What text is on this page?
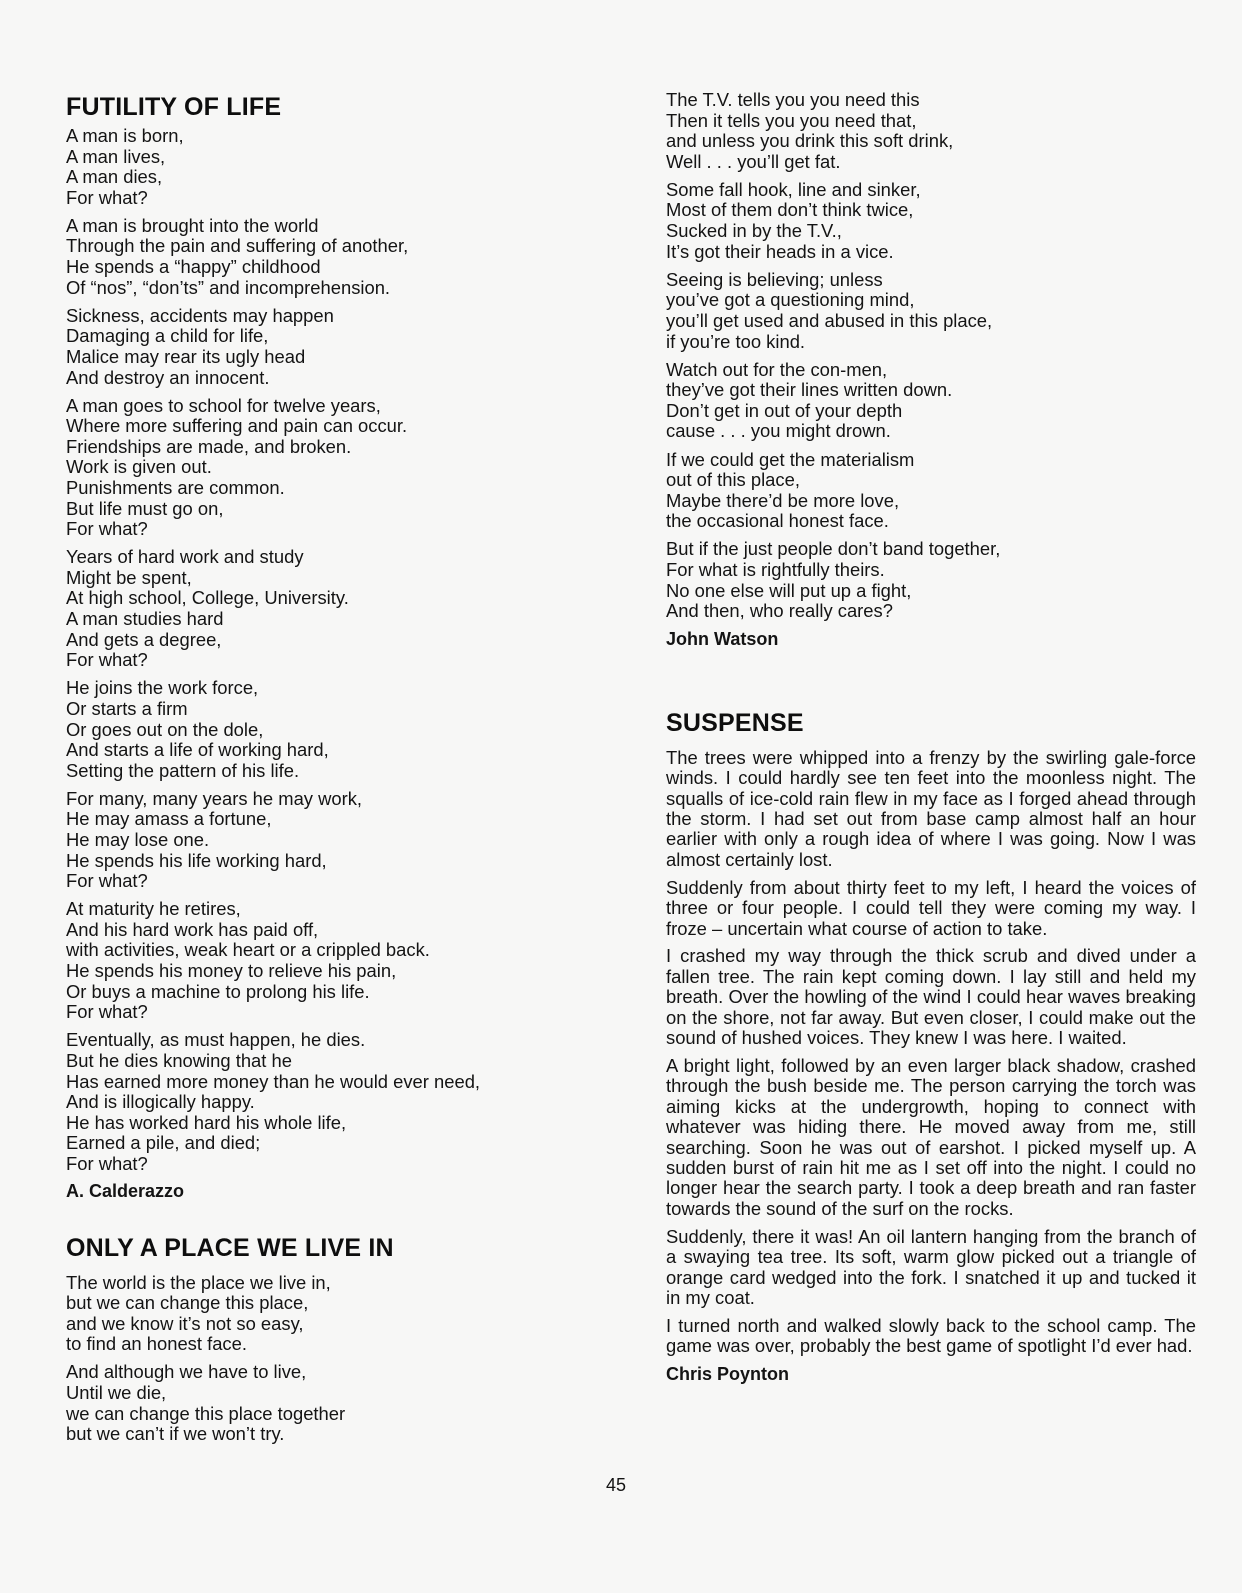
FUTILITY OF LIFE

A man is born,
A man lives,
A man dies,
For what?

A man is brought into the world
Through the pain and suffering of another,
He spends a “happy” childhood
Of “nos”, “don’ts” and incomprehension.

Sickness, accidents may happen
Damaging a child for life,
Malice may rear its ugly head
And destroy an innocent.

A man goes to school for twelve years,
Where more suffering and pain can occur.
Friendships are made, and broken.
Work is given out.
Punishments are common.
But life must go on,
For what?

Years of hard work and study
Might be spent,
At high school, College, University.
A man studies hard
And gets a degree,
For what?

He joins the work force,
Or starts a firm
Or goes out on the dole,
And starts a life of working hard,
Setting the pattern of his life.

For many, many years he may work,
He may amass a fortune,
He may lose one.
He spends his life working hard,
For what?

At maturity he retires,
And his hard work has paid off,
with activities, weak heart or a crippled back.
He spends his money to relieve his pain,
Or buys a machine to prolong his life.
For what?

Eventually, as must happen, he dies.
But he dies knowing that he
Has earned more money than he would ever need,
And is illogically happy.
He has worked hard his whole life,
Earned a pile, and died;
For what?

A. Calderazzo

ONLY A PLACE WE LIVE IN

The world is the place we live in,
but we can change this place,
and we know it’s not so easy,
to find an honest face.

And although we have to live,
Until we die,
we can change this place together
but we can’t if we won’t try.

The T.V. tells you you need this
Then it tells you you need that,
and unless you drink this soft drink,
Well . . . you’ll get fat.

Some fall hook, line and sinker,
Most of them don’t think twice,
Sucked in by the T.V.,
It’s got their heads in a vice.

Seeing is believing; unless
you’ve got a questioning mind,
you’ll get used and abused in this place,
if you’re too kind.

Watch out for the con-men,
they’ve got their lines written down.
Don’t get in out of your depth
cause . . . you might drown.

If we could get the materialism
out of this place,
Maybe there’d be more love,
the occasional honest face.

But if the just people don’t band together,
For what is rightfully theirs.
No one else will put up a fight,
And then, who really cares?

John Watson

SUSPENSE

The trees were whipped into a frenzy by the swirling gale-force winds. I could hardly see ten feet into the moonless night. The squalls of ice-cold rain flew in my face as I forged ahead through the storm. I had set out from base camp almost half an hour earlier with only a rough idea of where I was going. Now I was almost certainly lost.

Suddenly from about thirty feet to my left, I heard the voices of three or four people. I could tell they were coming my way. I froze – uncertain what course of action to take.

I crashed my way through the thick scrub and dived under a fallen tree. The rain kept coming down. I lay still and held my breath. Over the howling of the wind I could hear waves breaking on the shore, not far away. But even closer, I could make out the sound of hushed voices. They knew I was here. I waited.

A bright light, followed by an even larger black shadow, crashed through the bush beside me. The person carrying the torch was aiming kicks at the undergrowth, hoping to connect with whatever was hiding there. He moved away from me, still searching. Soon he was out of earshot. I picked myself up. A sudden burst of rain hit me as I set off into the night. I could no longer hear the search party. I took a deep breath and ran faster towards the sound of the surf on the rocks.

Suddenly, there it was! An oil lantern hanging from the branch of a swaying tea tree. Its soft, warm glow picked out a triangle of orange card wedged into the fork. I snatched it up and tucked it in my coat.

I turned north and walked slowly back to the school camp. The game was over, probably the best game of spotlight I’d ever had.

Chris Poynton

45
